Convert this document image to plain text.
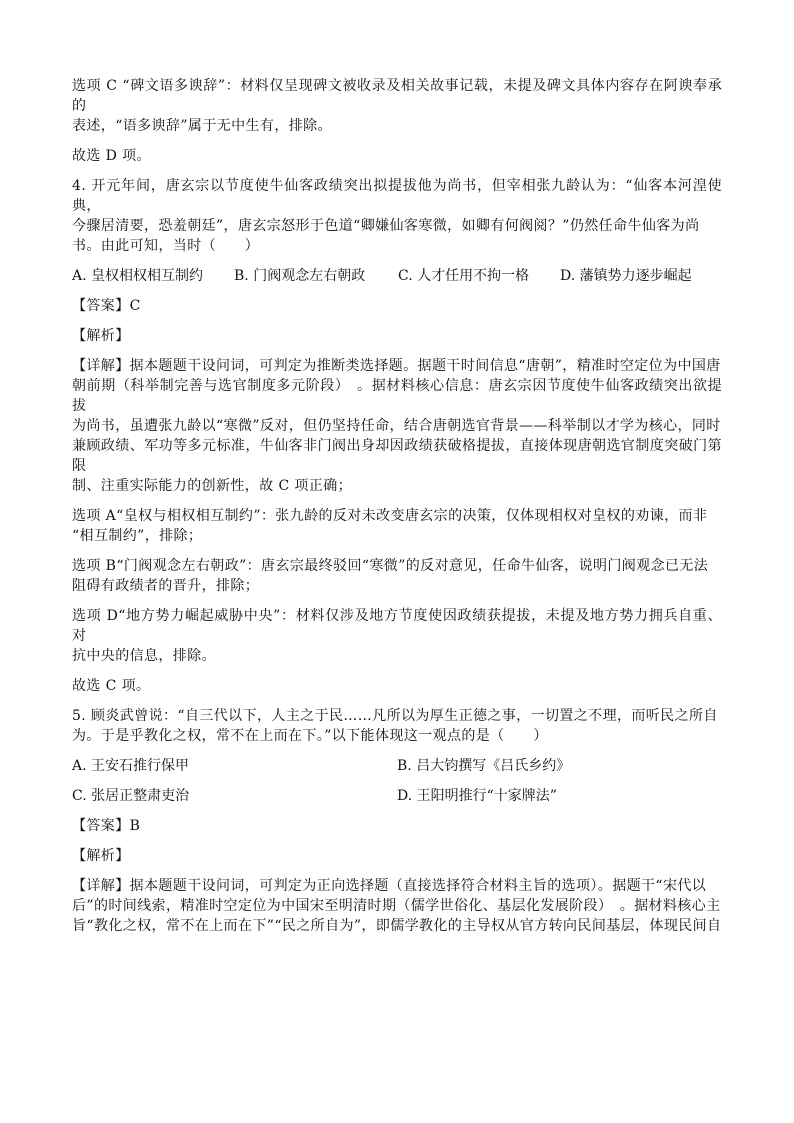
选项 C “碑文语多谀辞”：材料仅呈现碑文被收录及相关故事记载，未提及碑文具体内容存在阿谀奉承的
表述，“语多谀辞”属于无中生有，排除。

故选 D 项。

4. 开元年间，唐玄宗以节度使牛仙客政绩突出拟提拔他为尚书，但宰相张九龄认为：“仙客本河湟使典，
今骤居清要，恐羞朝廷”，唐玄宗怒形于色道“卿嫌仙客寒微，如卿有何阀阅？”仍然任命牛仙客为尚
书。由此可知，当时（　　）

A. 皇权相权相互制约	B. 门阀观念左右朝政	C. 人才任用不拘一格	D. 藩镇势力逐步崛起

【答案】C

【解析】

【详解】据本题题干设问词，可判定为推断类选择题。据题干时间信息“唐朝”，精准时空定位为中国唐
朝前期（科举制完善与选官制度多元阶段）　。据材料核心信息：唐玄宗因节度使牛仙客政绩突出欲提拔
为尚书，虽遭张九龄以“寒微”反对，但仍坚持任命，结合唐朝选官背景——科举制以才学为核心，同时
兼顾政绩、军功等多元标准，牛仙客非门阀出身却因政绩获破格提拔，直接体现唐朝选官制度突破门第限
制、注重实际能力的创新性，故 C 项正确；

选项 A“皇权与相权相互制约”：张九龄的反对未改变唐玄宗的决策，仅体现相权对皇权的劝谏，而非
“相互制约”，排除；

选项 B“门阀观念左右朝政”：唐玄宗最终驳回“寒微”的反对意见，任命牛仙客，说明门阀观念已无法
阻碍有政绩者的晋升，排除；

选项 D“地方势力崛起威胁中央”：材料仅涉及地方节度使因政绩获提拔，未提及地方势力拥兵自重、对
抗中央的信息，排除。

故选 C 项。

5. 顾炎武曾说：“自三代以下，人主之于民……凡所以为厚生正德之事，一切置之不理，而听民之所自
为。于是乎教化之权，常不在上而在下。”以下能体现这一观点的是（　　）

A. 王安石推行保甲	B. 吕大钧撰写《吕氏乡约》
C. 张居正整肃吏治	D. 王阳明推行“十家牌法”

【答案】B

【解析】

【详解】据本题题干设问词，可判定为正向选择题（直接选择符合材料主旨的选项）。据题干“宋代以
后”的时间线索，精准时空定位为中国宋至明清时期（儒学世俗化、基层化发展阶段）　。据材料核心主
旨“教化之权，常不在上而在下”“民之所自为”，即儒学教化的主导权从官方转向民间基层，体现民间自
